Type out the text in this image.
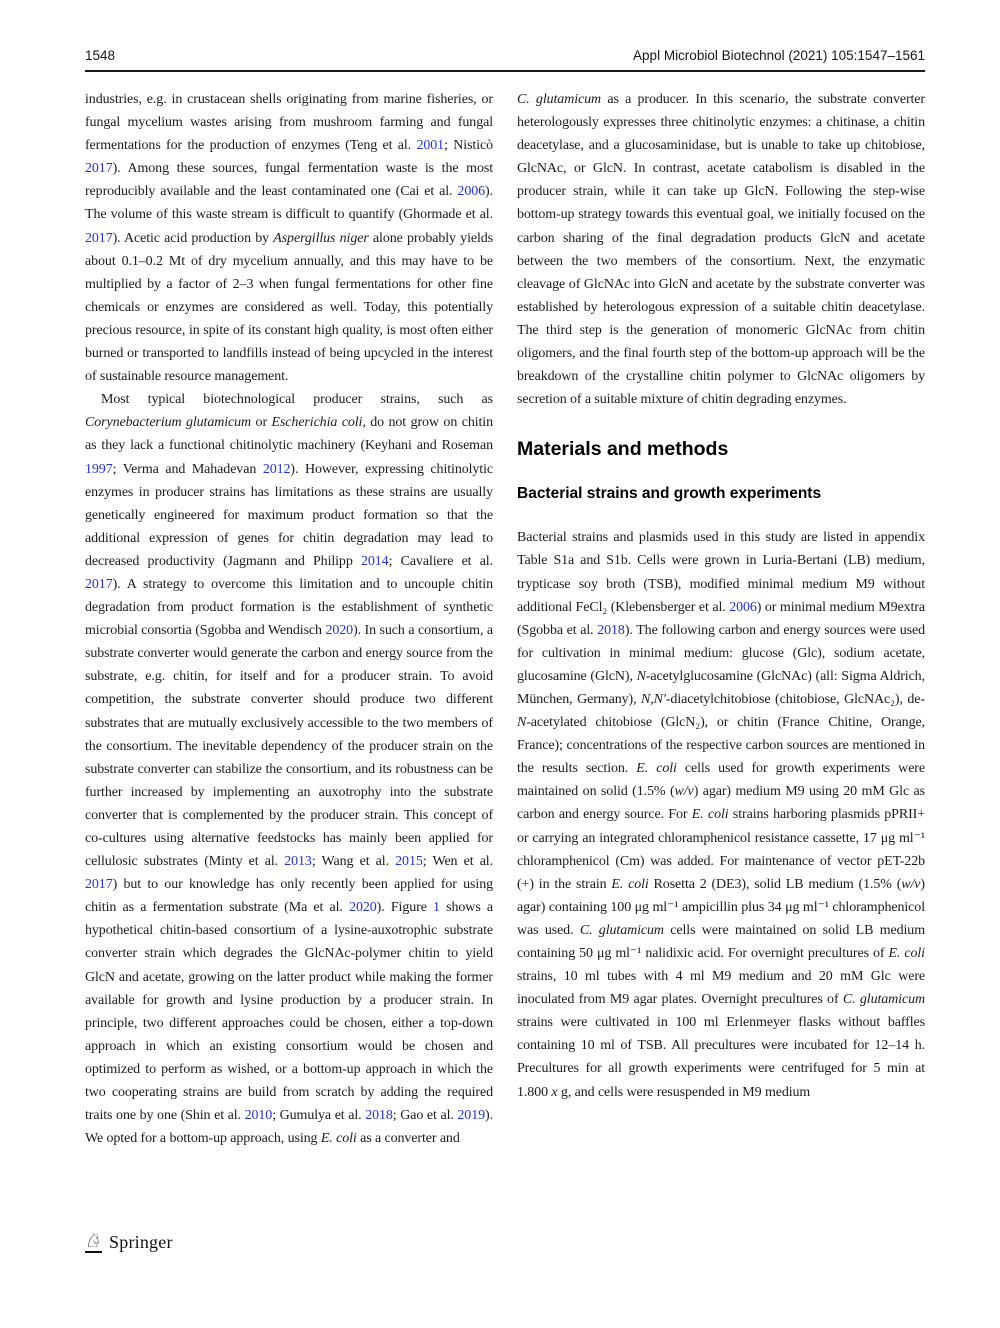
1548	Appl Microbiol Biotechnol (2021) 105:1547–1561

industries, e.g. in crustacean shells originating from marine fisheries, or fungal mycelium wastes arising from mushroom farming and fungal fermentations for the production of enzymes (Teng et al. 2001; Nisticò 2017). Among these sources, fungal fermentation waste is the most reproducibly available and the least contaminated one (Cai et al. 2006). The volume of this waste stream is difficult to quantify (Ghormade et al. 2017). Acetic acid production by Aspergillus niger alone probably yields about 0.1–0.2 Mt of dry mycelium annually, and this may have to be multiplied by a factor of 2–3 when fungal fermentations for other fine chemicals or enzymes are considered as well. Today, this potentially precious resource, in spite of its constant high quality, is most often either burned or transported to landfills instead of being upcycled in the interest of sustainable resource management.

Most typical biotechnological producer strains, such as Corynebacterium glutamicum or Escherichia coli, do not grow on chitin as they lack a functional chitinolytic machinery (Keyhani and Roseman 1997; Verma and Mahadevan 2012). However, expressing chitinolytic enzymes in producer strains has limitations as these strains are usually genetically engineered for maximum product formation so that the additional expression of genes for chitin degradation may lead to decreased productivity (Jagmann and Philipp 2014; Cavaliere et al. 2017). A strategy to overcome this limitation and to uncouple chitin degradation from product formation is the establishment of synthetic microbial consortia (Sgobba and Wendisch 2020). In such a consortium, a substrate converter would generate the carbon and energy source from the substrate, e.g. chitin, for itself and for a producer strain. To avoid competition, the substrate converter should produce two different substrates that are mutually exclusively accessible to the two members of the consortium. The inevitable dependency of the producer strain on the substrate converter can stabilize the consortium, and its robustness can be further increased by implementing an auxotrophy into the substrate converter that is complemented by the producer strain. This concept of co-cultures using alternative feedstocks has mainly been applied for cellulosic substrates (Minty et al. 2013; Wang et al. 2015; Wen et al. 2017) but to our knowledge has only recently been applied for using chitin as a fermentation substrate (Ma et al. 2020). Figure 1 shows a hypothetical chitin-based consortium of a lysine-auxotrophic substrate converter strain which degrades the GlcNAc-polymer chitin to yield GlcN and acetate, growing on the latter product while making the former available for growth and lysine production by a producer strain. In principle, two different approaches could be chosen, either a top-down approach in which an existing consortium would be chosen and optimized to perform as wished, or a bottom-up approach in which the two cooperating strains are build from scratch by adding the required traits one by one (Shin et al. 2010; Gumulya et al. 2018; Gao et al. 2019). We opted for a bottom-up approach, using E. coli as a converter and

C. glutamicum as a producer. In this scenario, the substrate converter heterologously expresses three chitinolytic enzymes: a chitinase, a chitin deacetylase, and a glucosaminidase, but is unable to take up chitobiose, GlcNAc, or GlcN. In contrast, acetate catabolism is disabled in the producer strain, while it can take up GlcN. Following the step-wise bottom-up strategy towards this eventual goal, we initially focused on the carbon sharing of the final degradation products GlcN and acetate between the two members of the consortium. Next, the enzymatic cleavage of GlcNAc into GlcN and acetate by the substrate converter was established by heterologous expression of a suitable chitin deacetylase. The third step is the generation of monomeric GlcNAc from chitin oligomers, and the final fourth step of the bottom-up approach will be the breakdown of the crystalline chitin polymer to GlcNAc oligomers by secretion of a suitable mixture of chitin degrading enzymes.

Materials and methods
Bacterial strains and growth experiments

Bacterial strains and plasmids used in this study are listed in appendix Table S1a and S1b. Cells were grown in Luria-Bertani (LB) medium, trypticase soy broth (TSB), modified minimal medium M9 without additional FeCl₂ (Klebensberger et al. 2006) or minimal medium M9extra (Sgobba et al. 2018). The following carbon and energy sources were used for cultivation in minimal medium: glucose (Glc), sodium acetate, glucosamine (GlcN), N-acetylglucosamine (GlcNAc) (all: Sigma Aldrich, München, Germany), N,N′-diacetylchitobiose (chitobiose, GlcNAc₂), de-N-acetylated chitobiose (GlcN₂), or chitin (France Chitine, Orange, France); concentrations of the respective carbon sources are mentioned in the results section. E. coli cells used for growth experiments were maintained on solid (1.5% (w/v) agar) medium M9 using 20 mM Glc as carbon and energy source. For E. coli strains harboring plasmids pPRII+ or carrying an integrated chloramphenicol resistance cassette, 17 μg ml⁻¹ chloramphenicol (Cm) was added. For maintenance of vector pET-22b (+) in the strain E. coli Rosetta 2 (DE3), solid LB medium (1.5% (w/v) agar) containing 100 μg ml⁻¹ ampicillin plus 34 μg ml⁻¹ chloramphenicol was used. C. glutamicum cells were maintained on solid LB medium containing 50 μg ml⁻¹ nalidixic acid. For overnight precultures of E. coli strains, 10 ml tubes with 4 ml M9 medium and 20 mM Glc were inoculated from M9 agar plates. Overnight precultures of C. glutamicum strains were cultivated in 100 ml Erlenmeyer flasks without baffles containing 10 ml of TSB. All precultures were incubated for 12–14 h. Precultures for all growth experiments were centrifuged for 5 min at 1.800 x g, and cells were resuspended in M9 medium

♘ Springer
